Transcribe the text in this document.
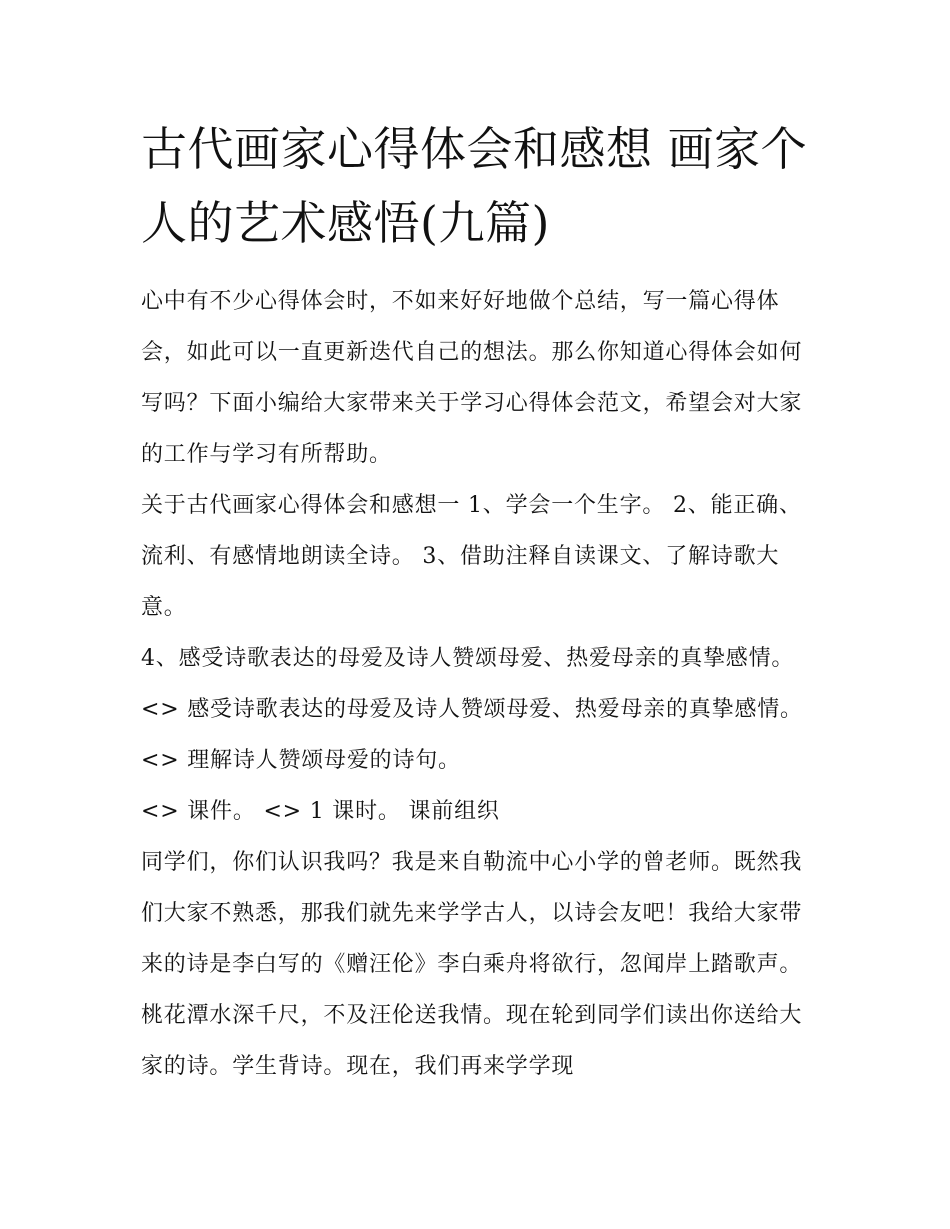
古代画家心得体会和感想 画家个人的艺术感悟(九篇)

心中有不少心得体会时，不如来好好地做个总结，写一篇心得体会，如此可以一直更新迭代自己的想法。那么你知道心得体会如何写吗？下面小编给大家带来关于学习心得体会范文，希望会对大家的工作与学习有所帮助。

关于古代画家心得体会和感想一 1、学会一个生字。 2、能正确、流利、有感情地朗读全诗。 3、借助注释自读课文、了解诗歌大意。

4、感受诗歌表达的母爱及诗人赞颂母爱、热爱母亲的真挚感情。 <> 感受诗歌表达的母爱及诗人赞颂母爱、热爱母亲的真挚感情。 <> 理解诗人赞颂母爱的诗句。

<> 课件。 <> 1 课时。 课前组织

同学们，你们认识我吗？我是来自勒流中心小学的曾老师。既然我们大家不熟悉，那我们就先来学学古人，以诗会友吧！我给大家带来的诗是李白写的《赠汪伦》李白乘舟将欲行，忽闻岸上踏歌声。桃花潭水深千尺，不及汪伦送我情。现在轮到同学们读出你送给大家的诗。学生背诗。现在，我们再来学学现
